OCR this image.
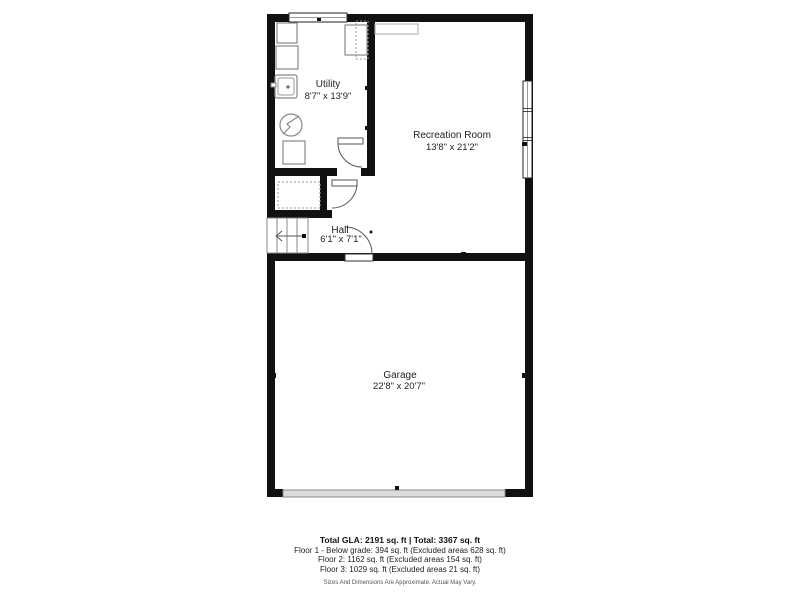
Utility
8'7" x 13'9"
Recreation Room
13'8" x 21'2"
Hall
6'1" x 7'1"
Garage
22'8" x 20'7"
Total GLA: 2191 sq. ft | Total: 3367 sq. ft
Floor 1 - Below grade: 394 sq. ft (Excluded areas 628 sq. ft)
Floor 2: 1162 sq. ft (Excluded areas 154 sq. ft)
Floor 3: 1029 sq. ft (Excluded areas 21 sq. ft)
Sizes And Dimensions Are Approximate. Actual May Vary.
